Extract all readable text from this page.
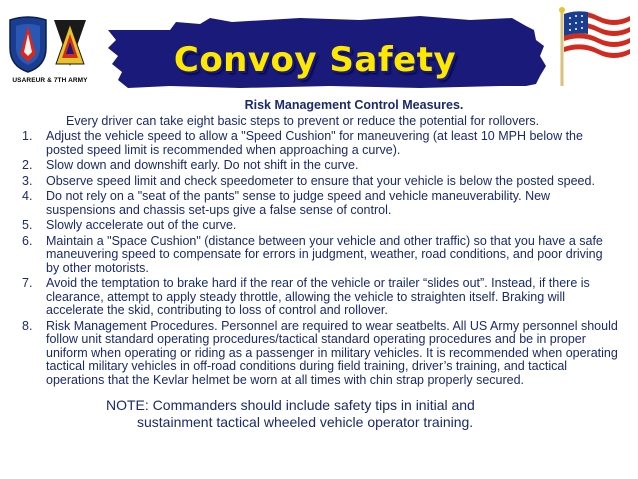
USAREUR & 7TH ARMY
Convoy Safety
Risk Management Control Measures.
Every driver can take eight basic steps to prevent or reduce the potential for rollovers.
1. Adjust the vehicle speed to allow a "Speed Cushion" for maneuvering (at least 10 MPH below the posted speed limit is recommended when approaching a curve).
2. Slow down and downshift early. Do not shift in the curve.
3. Observe speed limit and check speedometer to ensure that your vehicle is below the posted speed.
4. Do not rely on a "seat of the pants" sense to judge speed and vehicle maneuverability. New suspensions and chassis set-ups give a false sense of control.
5. Slowly accelerate out of the curve.
6. Maintain a "Space Cushion" (distance between your vehicle and other traffic) so that you have a safe maneuvering speed to compensate for errors in judgment, weather, road conditions, and poor driving by other motorists.
7. Avoid the temptation to brake hard if the rear of the vehicle or trailer “slides out”. Instead, if there is clearance, attempt to apply steady throttle, allowing the vehicle to straighten itself. Braking will accelerate the skid, contributing to loss of control and rollover.
8. Risk Management Procedures. Personnel are required to wear seatbelts. All US Army personnel should follow unit standard operating procedures/tactical standard operating procedures and be in proper uniform when operating or riding as a passenger in military vehicles. It is recommended when operating tactical military vehicles in off-road conditions during field training, driver’s training, and tactical operations that the Kevlar helmet be worn at all times with chin strap properly secured.
NOTE: Commanders should include safety tips in initial and
sustainment tactical wheeled vehicle operator training.
